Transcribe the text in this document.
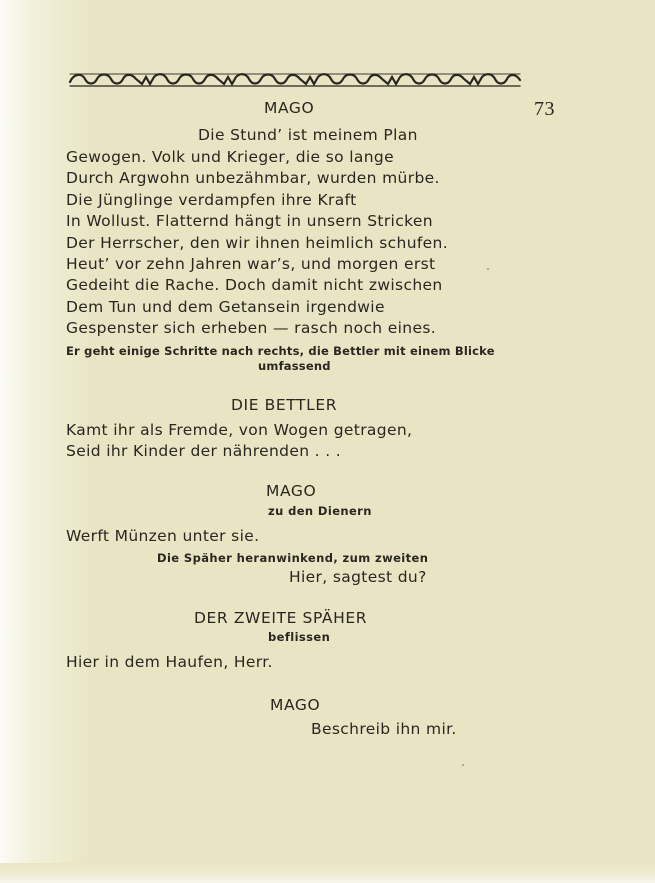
73
MAGO
Die Stund’ ist meinem Plan
Gewogen. Volk und Krieger, die so lange
Durch Argwohn unbezähmbar, wurden mürbe.
Die Jünglinge verdampfen ihre Kraft
In Wollust. Flatternd hängt in unsern Stricken
Der Herrscher, den wir ihnen heimlich schufen.
Heut’ vor zehn Jahren war’s, und morgen erst
Gedeiht die Rache. Doch damit nicht zwischen
Dem Tun und dem Getansein irgendwie
Gespenster sich erheben — rasch noch eines.
Er geht einige Schritte nach rechts, die Bettler mit einem Blicke
umfassend
DIE BETTLER
Kamt ihr als Fremde, von Wogen getragen,
Seid ihr Kinder der nährenden . . .
MAGO
zu den Dienern
Werft Münzen unter sie.
Die Späher heranwinkend, zum zweiten
Hier, sagtest du?
DER ZWEITE SPÄHER
beflissen
Hier in dem Haufen, Herr.
MAGO
Beschreib ihn mir.
